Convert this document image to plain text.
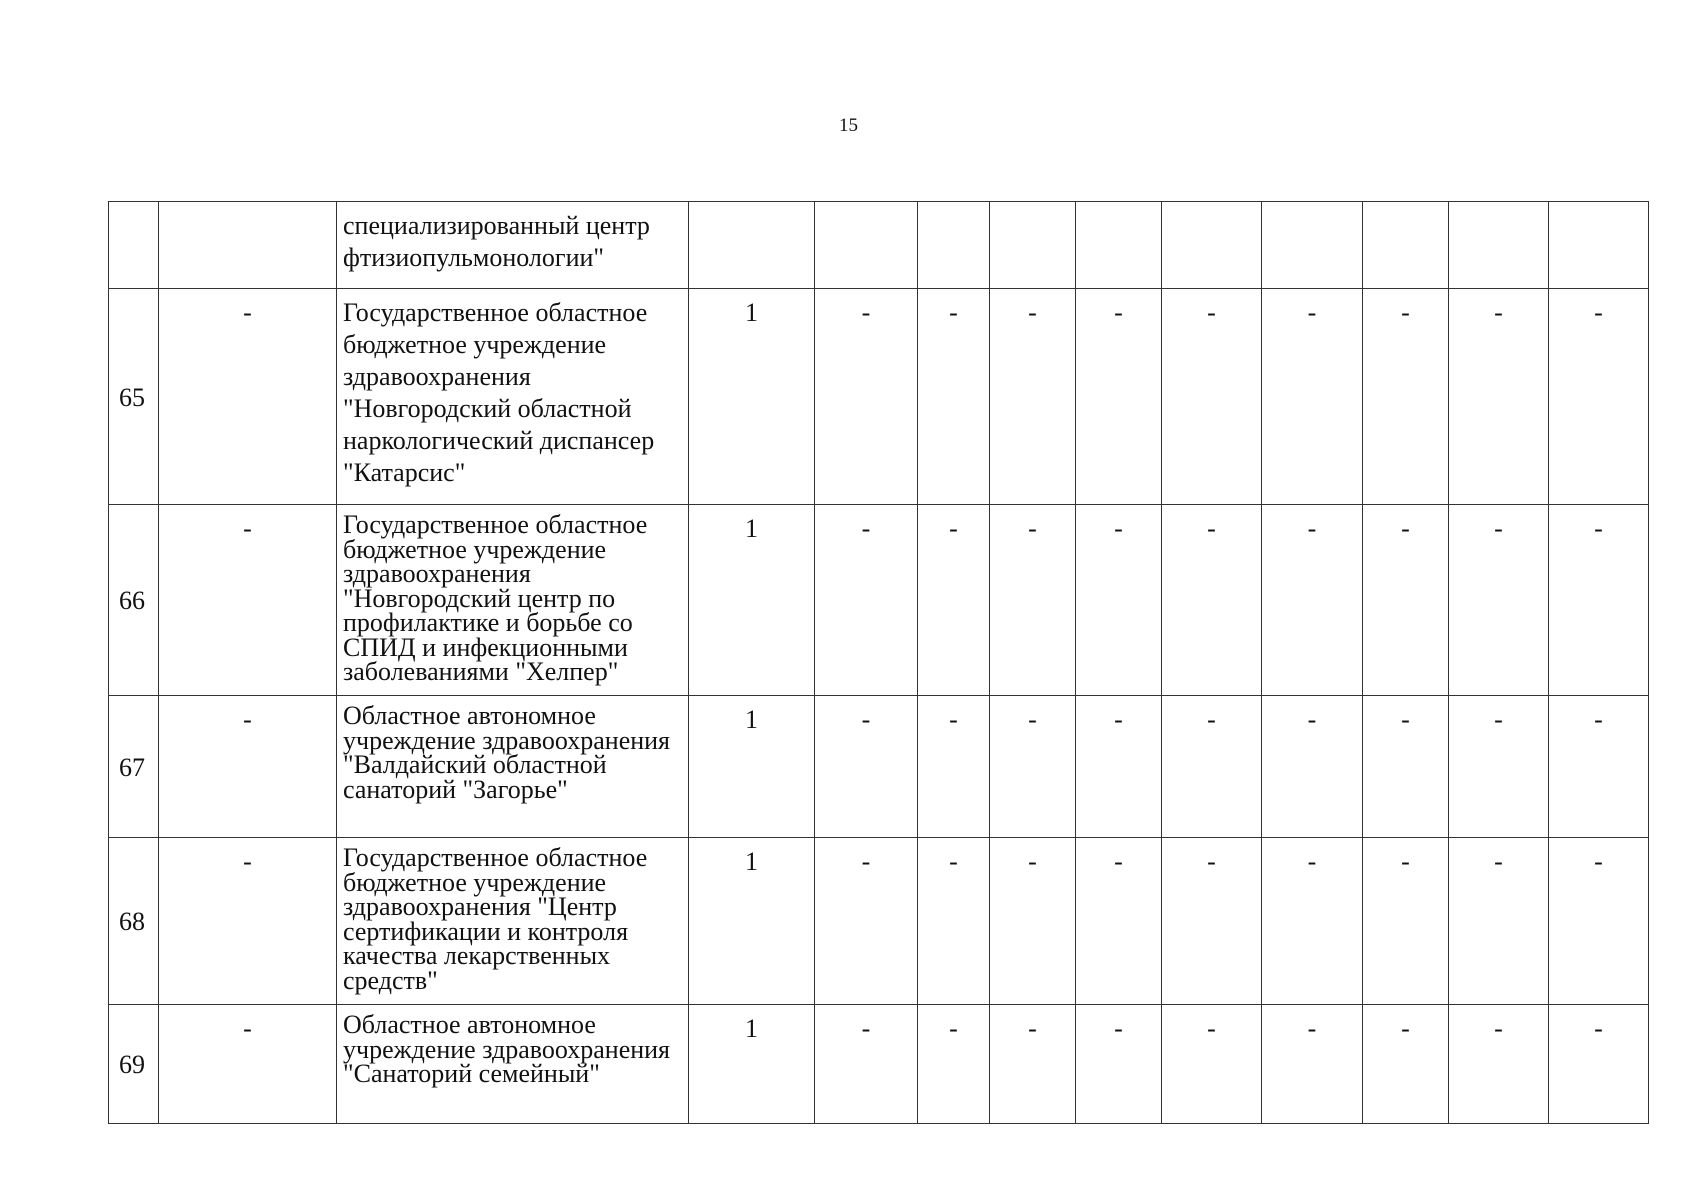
15
		специализированный центр фтизиопульмонологии"										
65	-	Государственное областное бюджетное учреждение здравоохранения "Новгородский областной наркологический диспансер "Катарсис"	1	-	-	-	-	-	-	-	-	-
66	-	Государственное областное бюджетное учреждение здравоохранения "Новгородский центр по профилактике и борьбе со СПИД и инфекционными заболеваниями "Хелпер"	1	-	-	-	-	-	-	-	-	-
67	-	Областное автономное учреждение здравоохранения "Валдайский областной санаторий "Загорье"	1	-	-	-	-	-	-	-	-	-
68	-	Государственное областное бюджетное учреждение здравоохранения "Центр сертификации и контроля качества лекарственных средств"	1	-	-	-	-	-	-	-	-	-
69	-	Областное автономное учреждение здравоохранения "Санаторий семейный"	1	-	-	-	-	-	-	-	-	-
